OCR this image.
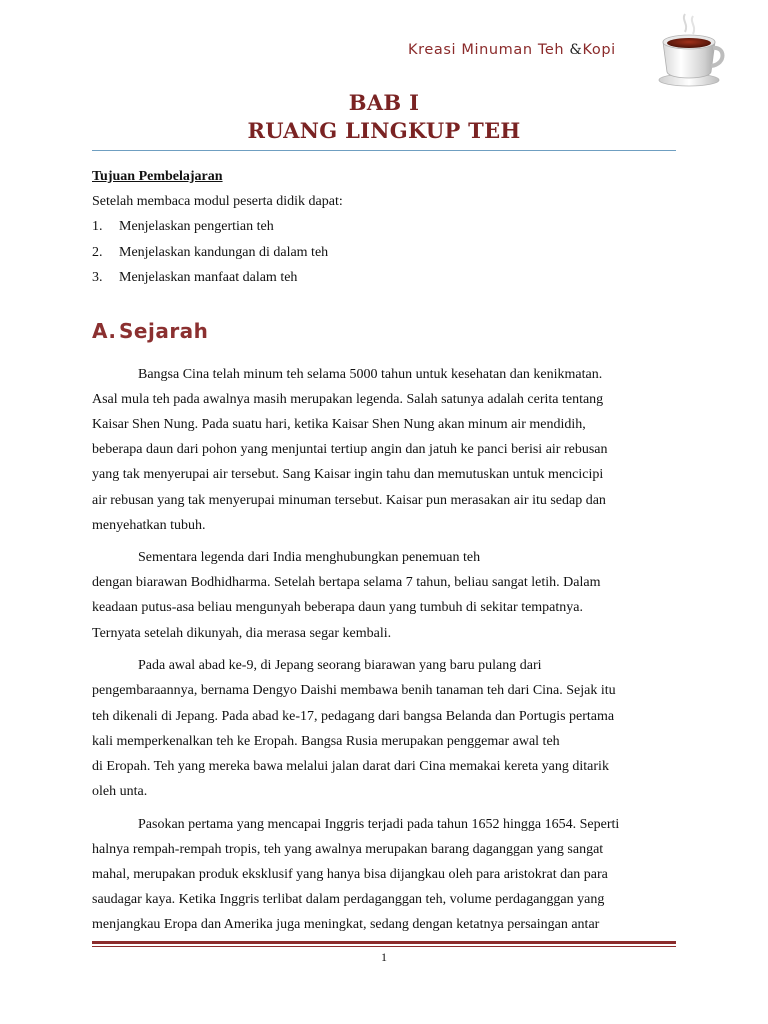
Kreasi Minuman Teh &Kopi
BAB I
RUANG LINGKUP TEH
Tujuan Pembelajaran
Setelah membaca modul peserta didik dapat:
1. Menjelaskan pengertian teh
2. Menjelaskan kandungan di dalam teh
3. Menjelaskan manfaat dalam teh
A. Sejarah
Bangsa Cina telah minum teh selama 5000 tahun untuk kesehatan dan kenikmatan.
Asal mula teh pada awalnya masih merupakan legenda. Salah satunya adalah cerita tentang
Kaisar Shen Nung. Pada suatu hari, ketika Kaisar Shen Nung akan minum air mendidih,
beberapa daun dari pohon yang menjuntai tertiup angin dan jatuh ke panci berisi air rebusan
yang tak menyerupai air tersebut. Sang Kaisar ingin tahu dan memutuskan untuk mencicipi
air rebusan yang tak menyerupai minuman tersebut. Kaisar pun merasakan air itu sedap dan
menyehatkan tubuh.
Sementara legenda dari India menghubungkan penemuan teh
dengan biarawan Bodhidharma. Setelah bertapa selama 7 tahun, beliau sangat letih. Dalam
keadaan putus-asa beliau mengunyah beberapa daun yang tumbuh di sekitar tempatnya.
Ternyata setelah dikunyah, dia merasa segar kembali.
Pada awal abad ke-9, di Jepang seorang biarawan yang baru pulang dari
pengembaraannya, bernama Dengyo Daishi membawa benih tanaman teh dari Cina. Sejak itu
teh dikenali di Jepang. Pada abad ke-17, pedagang dari bangsa Belanda dan Portugis pertama
kali memperkenalkan teh ke Eropah. Bangsa Rusia merupakan penggemar awal teh
di Eropah. Teh yang mereka bawa melalui jalan darat dari Cina memakai kereta yang ditarik
oleh unta.
Pasokan pertama yang mencapai Inggris terjadi pada tahun 1652 hingga 1654. Seperti
halnya rempah-rempah tropis, teh yang awalnya merupakan barang daganggan yang sangat
mahal, merupakan produk eksklusif yang hanya bisa dijangkau oleh para aristokrat dan para
saudagar kaya. Ketika Inggris terlibat dalam perdaganggan teh, volume perdaganggan yang
menjangkau Eropa dan Amerika juga meningkat, sedang dengan ketatnya persaingan antar
1
